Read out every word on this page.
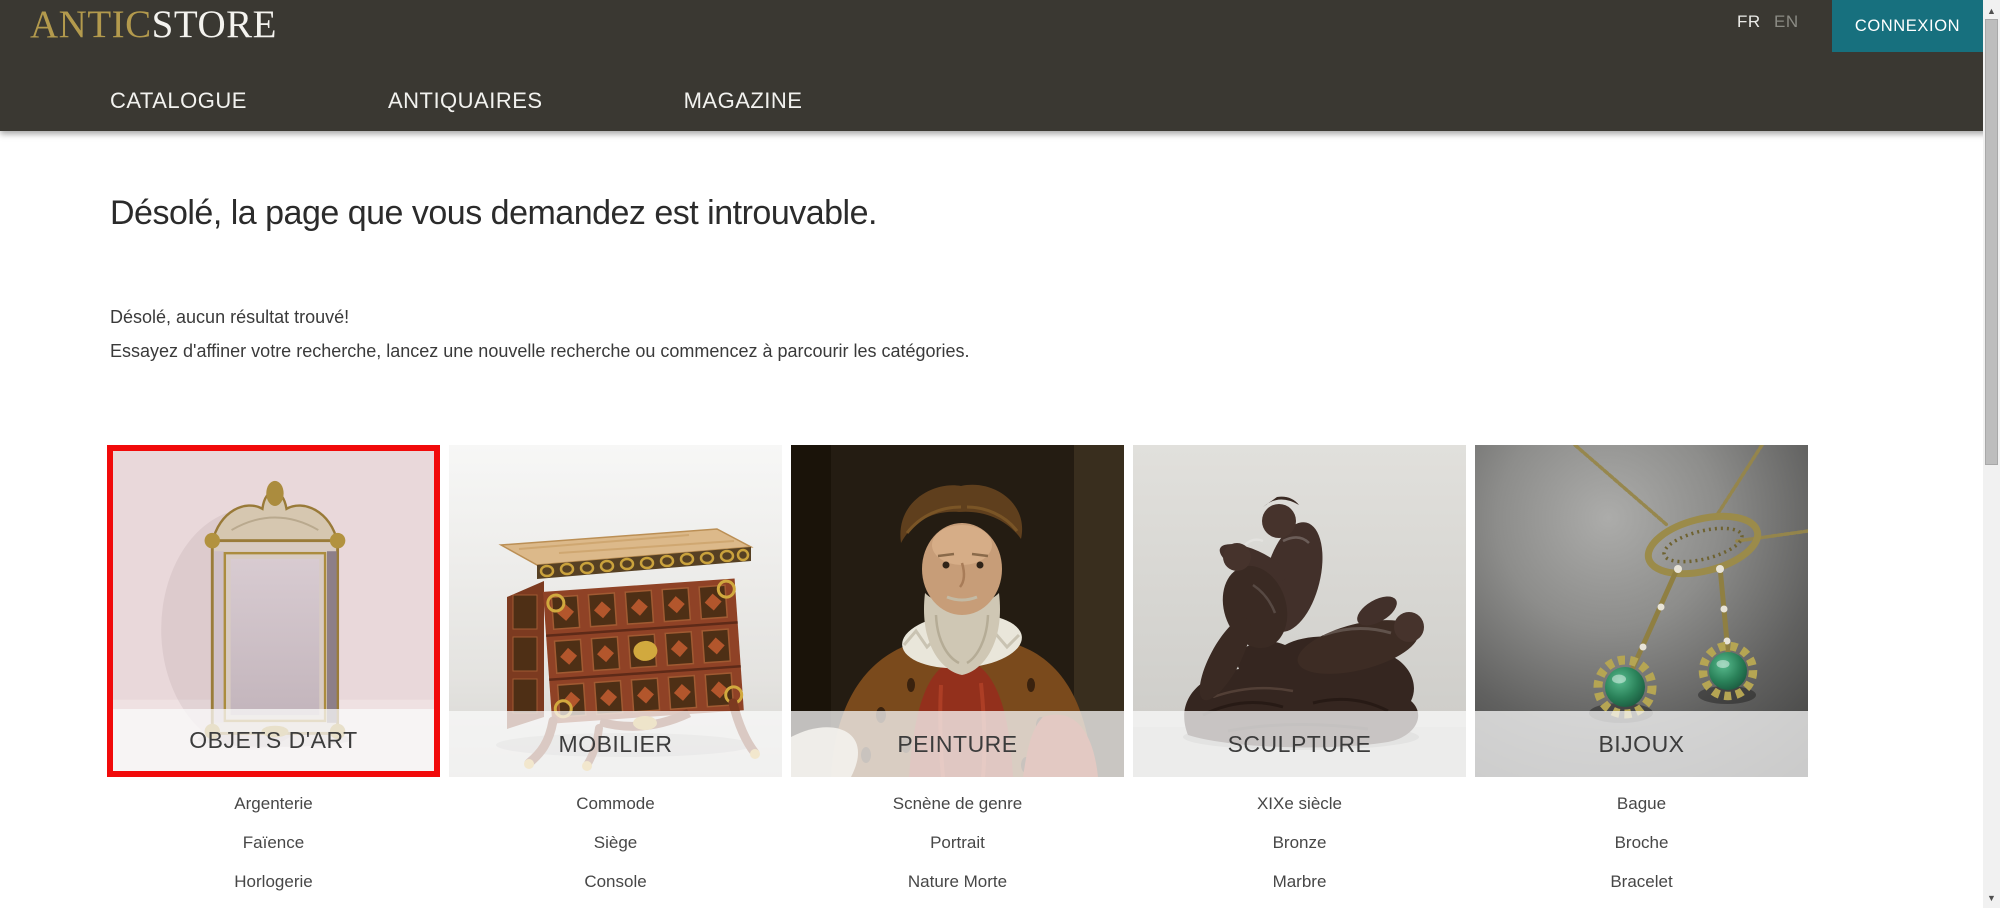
ANTICSTORE	FR EN	CONNEXION
CATALOGUE	ANTIQUAIRES	MAGAZINE
Désolé, la page que vous demandez est introuvable.
Désolé, aucun résultat trouvé!
Essayez d'affiner votre recherche, lancez une nouvelle recherche ou commencez à parcourir les catégories.
OBJETS D'ART	MOBILIER	PEINTURE	SCULPTURE	BIJOUX
Argenterie
Faïence
Horlogerie
Commode
Siège
Console
Scnène de genre
Portrait
Nature Morte
XIXe siècle
Bronze
Marbre
Bague
Broche
Bracelet
▲
▼
